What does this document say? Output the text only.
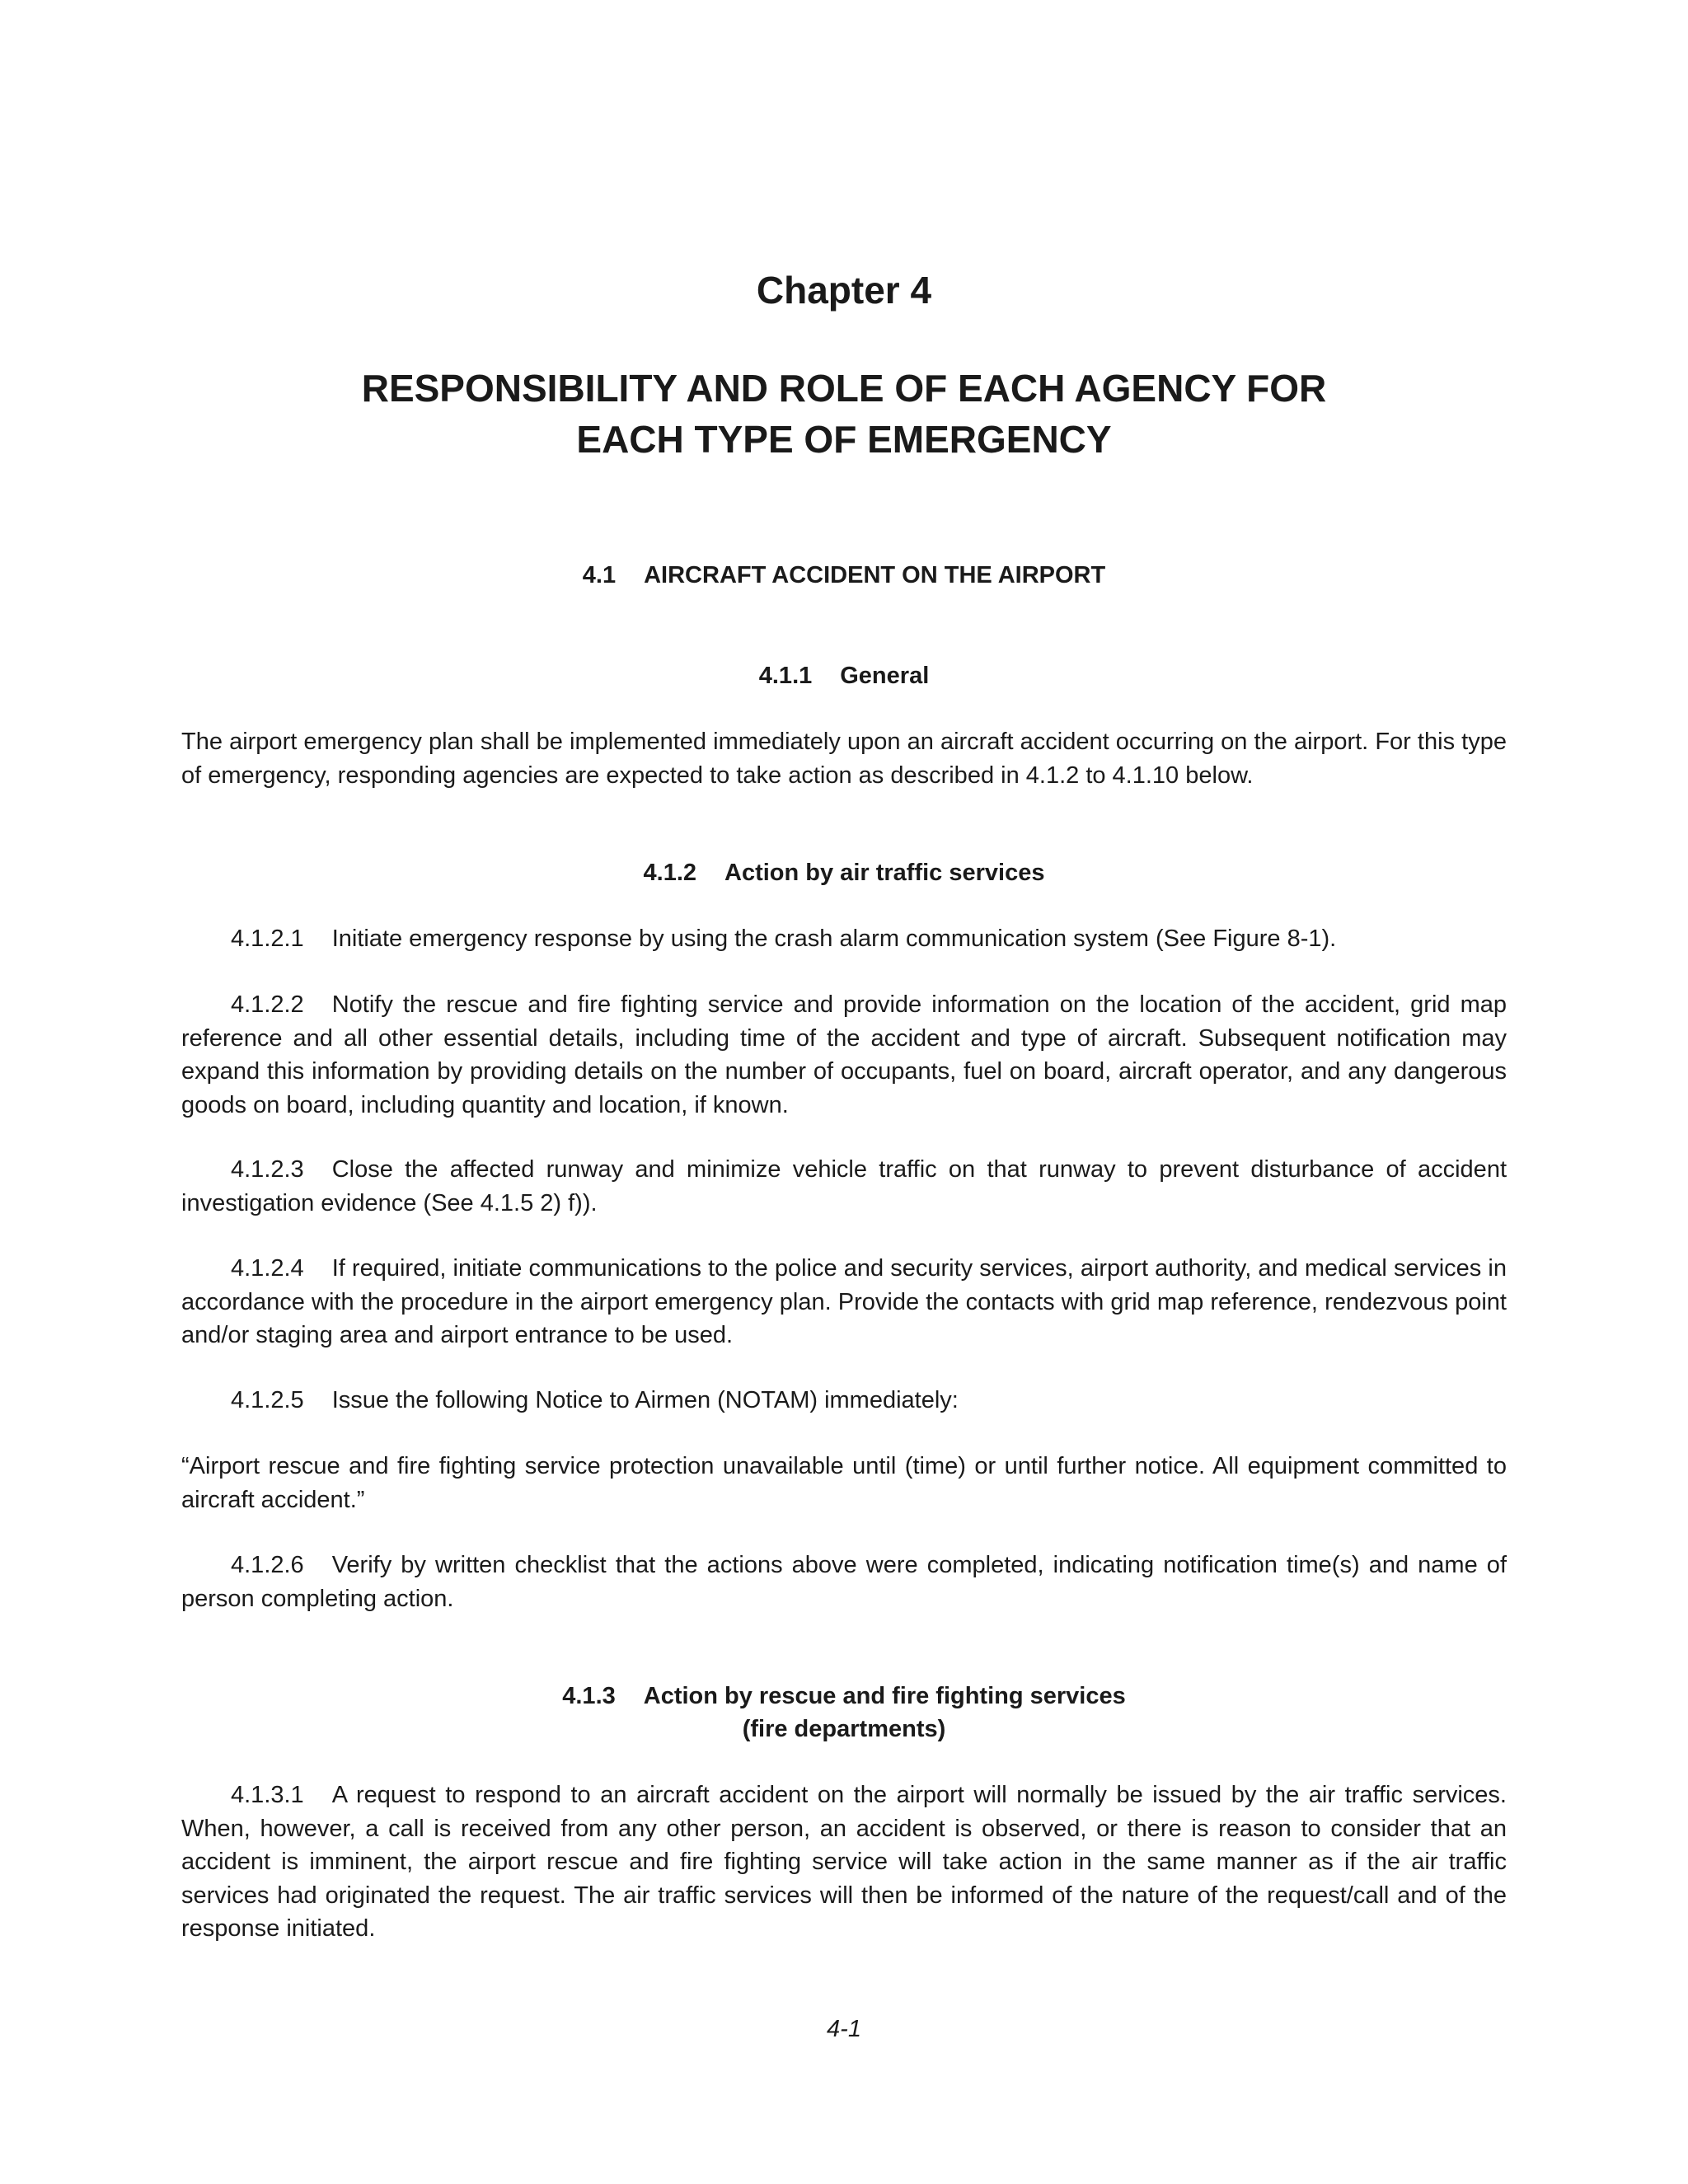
Chapter 4
RESPONSIBILITY AND ROLE OF EACH AGENCY FOR
EACH TYPE OF EMERGENCY
4.1 AIRCRAFT ACCIDENT ON THE AIRPORT
4.1.1 General
The airport emergency plan shall be implemented immediately upon an aircraft accident occurring on the airport. For this type of emergency, responding agencies are expected to take action as described in 4.1.2 to 4.1.10 below.
4.1.2 Action by air traffic services
4.1.2.1 Initiate emergency response by using the crash alarm communication system (See Figure 8-1).
4.1.2.2 Notify the rescue and fire fighting service and provide information on the location of the accident, grid map reference and all other essential details, including time of the accident and type of aircraft. Subsequent notification may expand this information by providing details on the number of occupants, fuel on board, aircraft operator, and any dangerous goods on board, including quantity and location, if known.
4.1.2.3 Close the affected runway and minimize vehicle traffic on that runway to prevent disturbance of accident investigation evidence (See 4.1.5 2) f)).
4.1.2.4 If required, initiate communications to the police and security services, airport authority, and medical services in accordance with the procedure in the airport emergency plan. Provide the contacts with grid map reference, rendezvous point and/or staging area and airport entrance to be used.
4.1.2.5 Issue the following Notice to Airmen (NOTAM) immediately:
“Airport rescue and fire fighting service protection unavailable until (time) or until further notice. All equipment committed to aircraft accident.”
4.1.2.6 Verify by written checklist that the actions above were completed, indicating notification time(s) and name of person completing action.
4.1.3 Action by rescue and fire fighting services
(fire departments)
4.1.3.1 A request to respond to an aircraft accident on the airport will normally be issued by the air traffic services. When, however, a call is received from any other person, an accident is observed, or there is reason to consider that an accident is imminent, the airport rescue and fire fighting service will take action in the same manner as if the air traffic services had originated the request. The air traffic services will then be informed of the nature of the request/call and of the response initiated.
4-1
